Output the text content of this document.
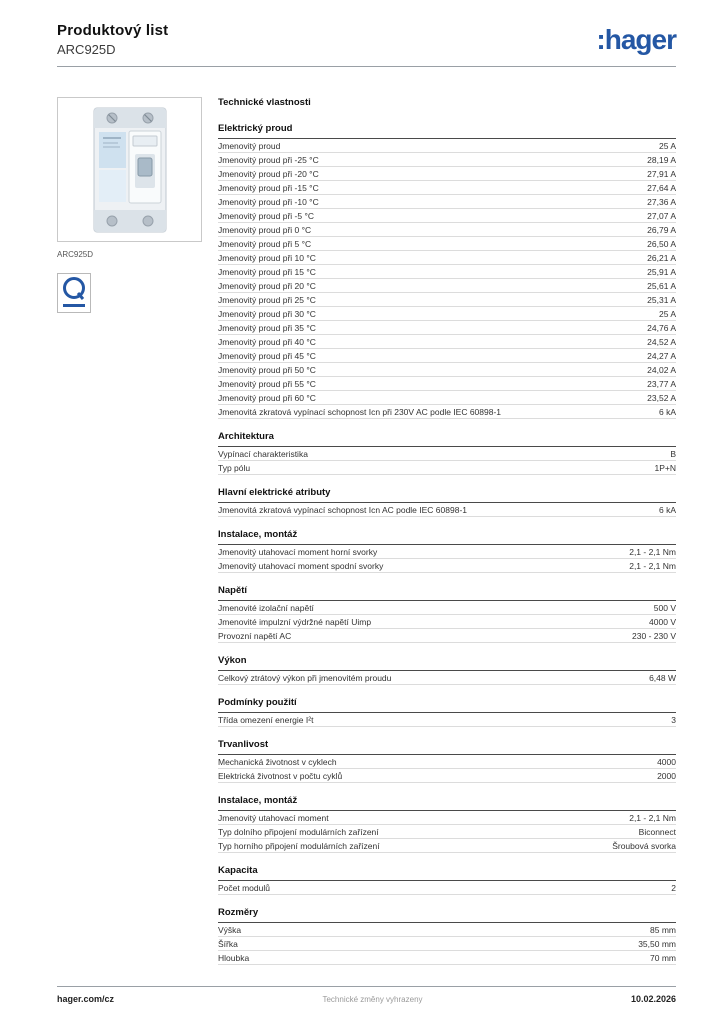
Produktový list
ARC925D	:hager
ARC925D
Technické vlastnosti
Elektrický proud
Jmenovitý proud	25 A
Jmenovitý proud při -25 °C	28,19 A
Jmenovitý proud při -20 °C	27,91 A
Jmenovitý proud při -15 °C	27,64 A
Jmenovitý proud při -10 °C	27,36 A
Jmenovitý proud při -5 °C	27,07 A
Jmenovitý proud při 0 °C	26,79 A
Jmenovitý proud při 5 °C	26,50 A
Jmenovitý proud při 10 °C	26,21 A
Jmenovitý proud při 15 °C	25,91 A
Jmenovitý proud při 20 °C	25,61 A
Jmenovitý proud při 25 °C	25,31 A
Jmenovitý proud při 30 °C	25 A
Jmenovitý proud při 35 °C	24,76 A
Jmenovitý proud při 40 °C	24,52 A
Jmenovitý proud při 45 °C	24,27 A
Jmenovitý proud při 50 °C	24,02 A
Jmenovitý proud při 55 °C	23,77 A
Jmenovitý proud při 60 °C	23,52 A
Jmenovitá zkratová vypínací schopnost Icn při 230V AC podle IEC 60898-1	6 kA
Architektura
Vypínací charakteristika	B
Typ pólu	1P+N
Hlavní elektrické atributy
Jmenovitá zkratová vypínací schopnost Icn AC podle IEC 60898-1	6 kA
Instalace, montáž
Jmenovitý utahovací moment horní svorky	2,1 - 2,1 Nm
Jmenovitý utahovací moment spodní svorky	2,1 - 2,1 Nm
Napětí
Jmenovité izolační napětí	500 V
Jmenovité impulzní výdržné napětí Uimp	4000 V
Provozní napětí AC	230 - 230 V
Výkon
Celkový ztrátový výkon při jmenovitém proudu	6,48 W
Podmínky použití
Třída omezení energie I²t	3
Trvanlivost
Mechanická životnost v cyklech	4000
Elektrická životnost v počtu cyklů	2000
Instalace, montáž
Jmenovitý utahovací moment	2,1 - 2,1 Nm
Typ dolního připojení modulárních zařízení	Biconnect
Typ horního připojení modulárních zařízení	Šroubová svorka
Kapacita
Počet modulů	2
Rozměry
Výška	85 mm
Šířka	35,50 mm
Hloubka	70 mm
hager.com/cz	Technické změny vyhrazeny	10.02.2026
